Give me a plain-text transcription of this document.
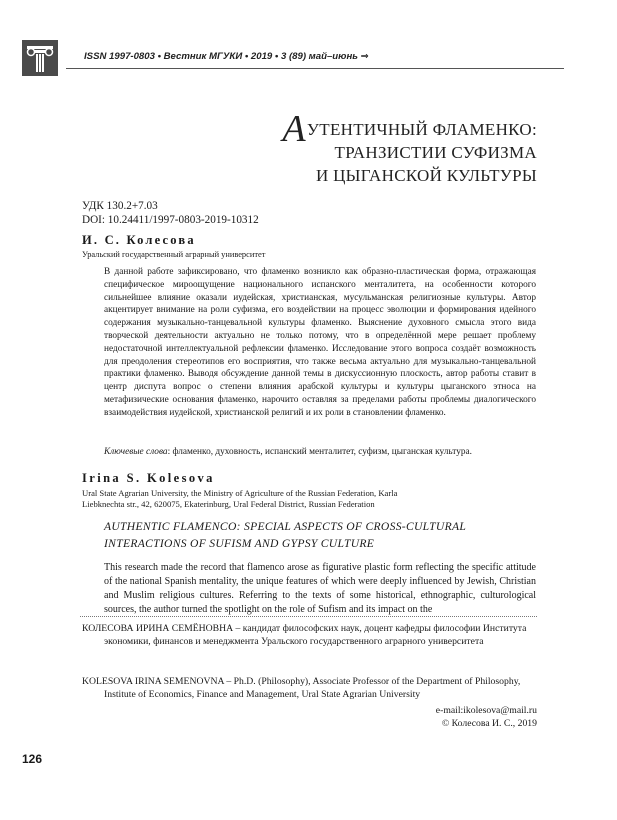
ISSN 1997-0803 • Вестник МГУКИ • 2019 • 3 (89) май–июнь ⇒
АУТЕНТИЧНЫЙ ФЛАМЕНКО:
ТРАНЗИСТИИ СУФИЗМА
И ЦЫГАНСКОЙ КУЛЬТУРЫ
УДК 130.2+7.03
DOI: 10.24411/1997-0803-2019-10312
И. С. Колесова
Уральский государственный аграрный университет

В данной работе зафиксировано, что фламенко возникло как образно-пластическая форма, отражающая специфическое мироощущение национального испанского менталитета, на особенности которого сильнейшее влияние оказали иудейская, христианская, мусульманская религиозные культуры. Автор акцентирует внимание на роли суфизма, его воздействии на процесс эволюции и формирования идейного содержания музыкально-танцевальной культуры фламенко. Выяснение духовного смысла этого вида творческой деятельности актуально не только потому, что в определённой мере решает проблему недостаточной интеллектуальной рефлексии фламенко. Исследование этого вопроса создаёт возможность для преодоления стереотипов его восприятия, что также весьма актуально для музыкально-танцевальной практики фламенко. Выводя обсуждение данной темы в дискуссионную плоскость, автор работы ставит в центр диспута вопрос о степени влияния арабской культуры и культуры цыганского этноса на метафизические основания фламенко, нарочито оставляя за пределами работы проблемы диалогического взаимодействия иудейской, христианской религий и их роли в становлении фламенко.

Ключевые слова: фламенко, духовность, испанский менталитет, суфизм, цыганская культура.
Irina S. Kolesova
Ural State Agrarian University, the Ministry of Agriculture of the Russian Federation, Karla
Liebknechta str., 42, 620075, Ekaterinburg, Ural Federal District, Russian Federation
AUTHENTIC FLAMENCO: SPECIAL ASPECTS OF CROSS-CULTURAL
INTERACTIONS OF SUFISM AND GYPSY CULTURE
This research made the record that flamenco arose as figurative plastic form reflecting the specific attitude of the national Spanish mentality, the unique features of which were deeply influenced by Jewish, Christian and Muslim religious cultures. Referring to the texts of some historical, ethnographic, culturological sources, the author turned the spotlight on the role of Sufism and its impact on the
КОЛЕСОВА ИРИНА СЕМЁНОВНА – кандидат философских наук, доцент кафедры философии Института экономики, финансов и менеджмента Уральского государственного аграрного университета
KOLESOVA IRINA SEMENOVNA – Ph.D. (Philosophy), Associate Professor of the Department of Philosophy, Institute of Economics, Finance and Management, Ural State Agrarian University
e-mail:ikolesova@mail.ru
© Колесова И. С., 2019
126
